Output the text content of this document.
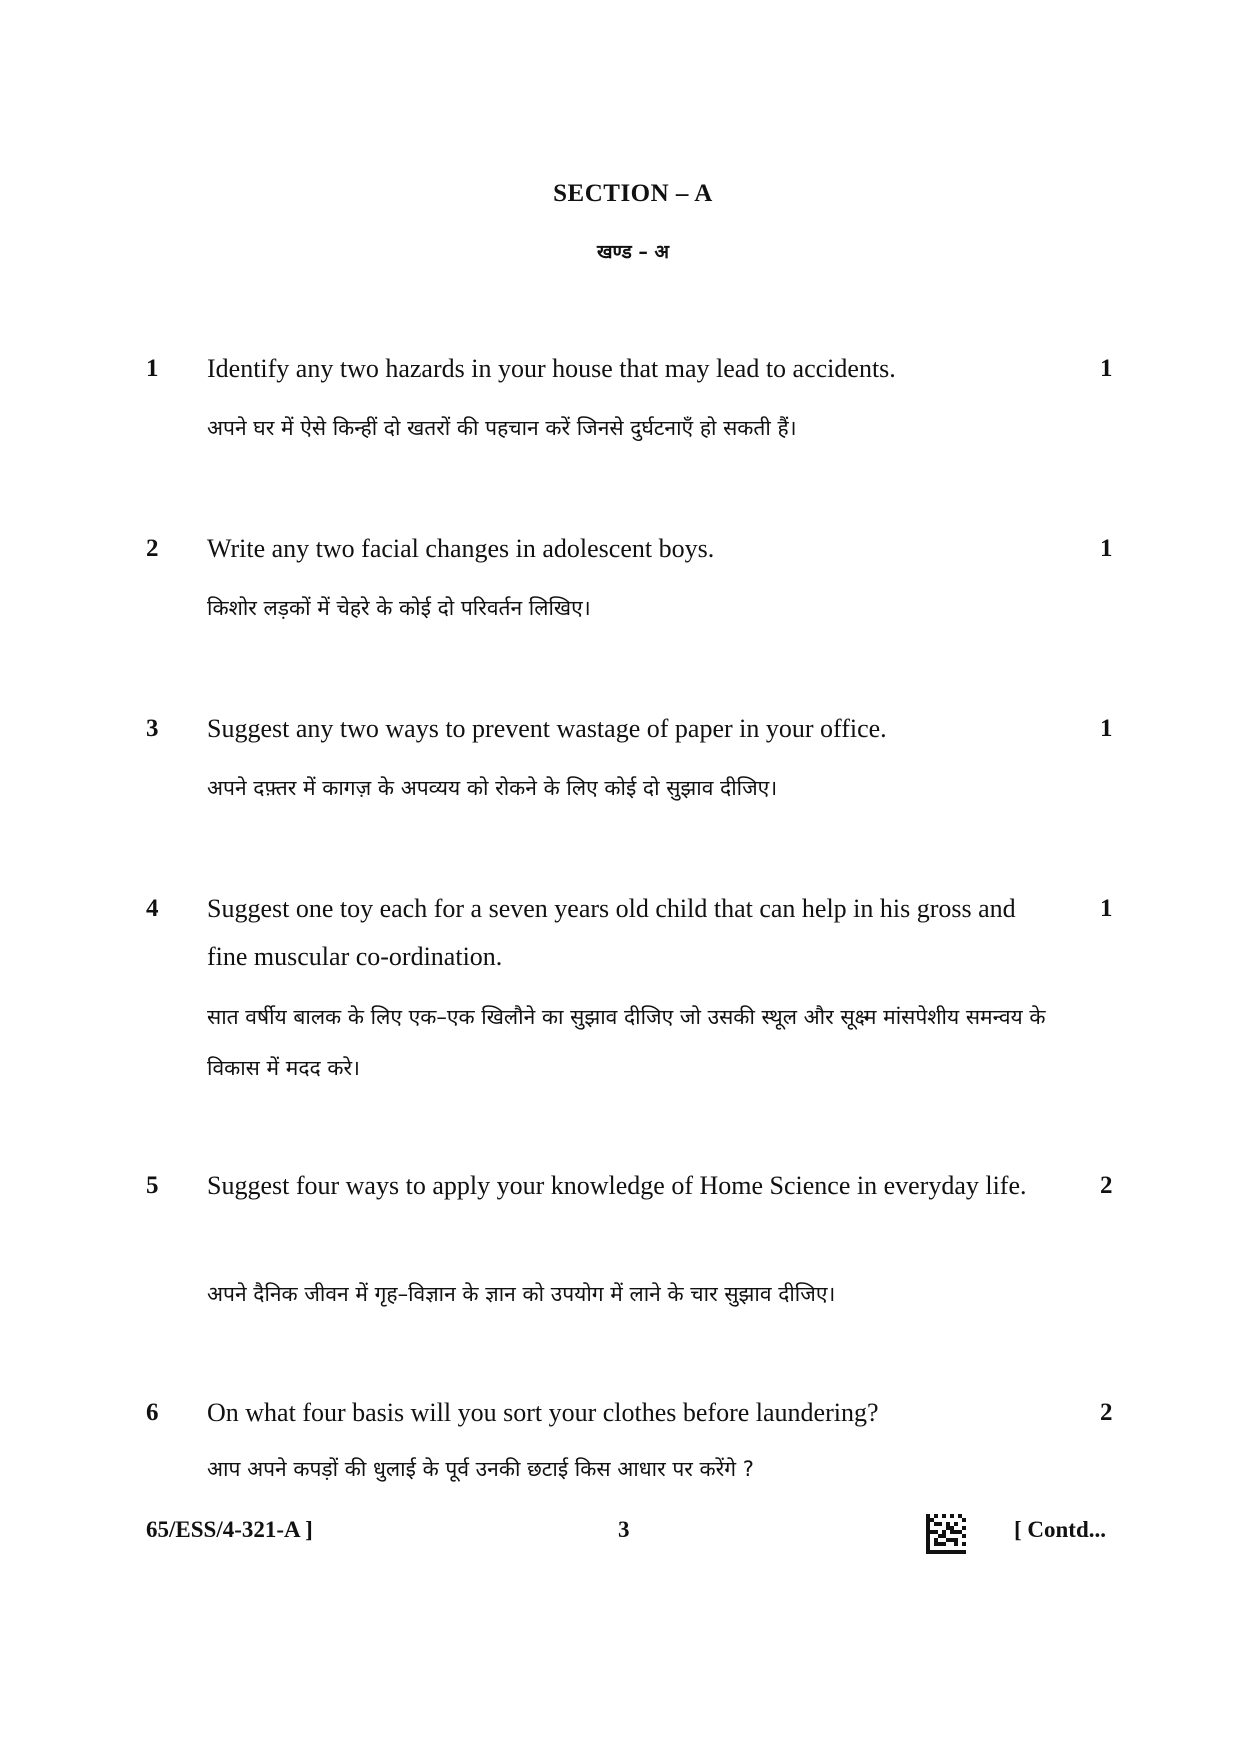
SECTION – A
खण्ड – अ
1 Identify any two hazards in your house that may lead to accidents.	1
अपने घर में ऐसे किन्हीं दो खतरों की पहचान करें जिनसे दुर्घटनाएँ हो सकती हैं।
2 Write any two facial changes in adolescent boys.	1
किशोर लड़कों में चेहरे के कोई दो परिवर्तन लिखिए।
3 Suggest any two ways to prevent wastage of paper in your office.	1
अपने दफ़्तर में कागज़ के अपव्यय को रोकने के लिए कोई दो सुझाव दीजिए।
4 Suggest one toy each for a seven years old child that can help in his gross and fine muscular co-ordination.
1
सात वर्षीय बालक के लिए एक–एक खिलौने का सुझाव दीजिए जो उसकी स्थूल और सूक्ष्म मांसपेशीय समन्वय के विकास में मदद करे।
5 Suggest four ways to apply your knowledge of Home Science in everyday life.	2
अपने दैनिक जीवन में गृह–विज्ञान के ज्ञान को उपयोग में लाने के चार सुझाव दीजिए।
6 On what four basis will you sort your clothes before laundering?	2
आप अपने कपड़ों की धुलाई के पूर्व उनकी छटाई किस आधार पर करेंगे ?
65/ESS/4-321-A ]	3	[ Contd...
